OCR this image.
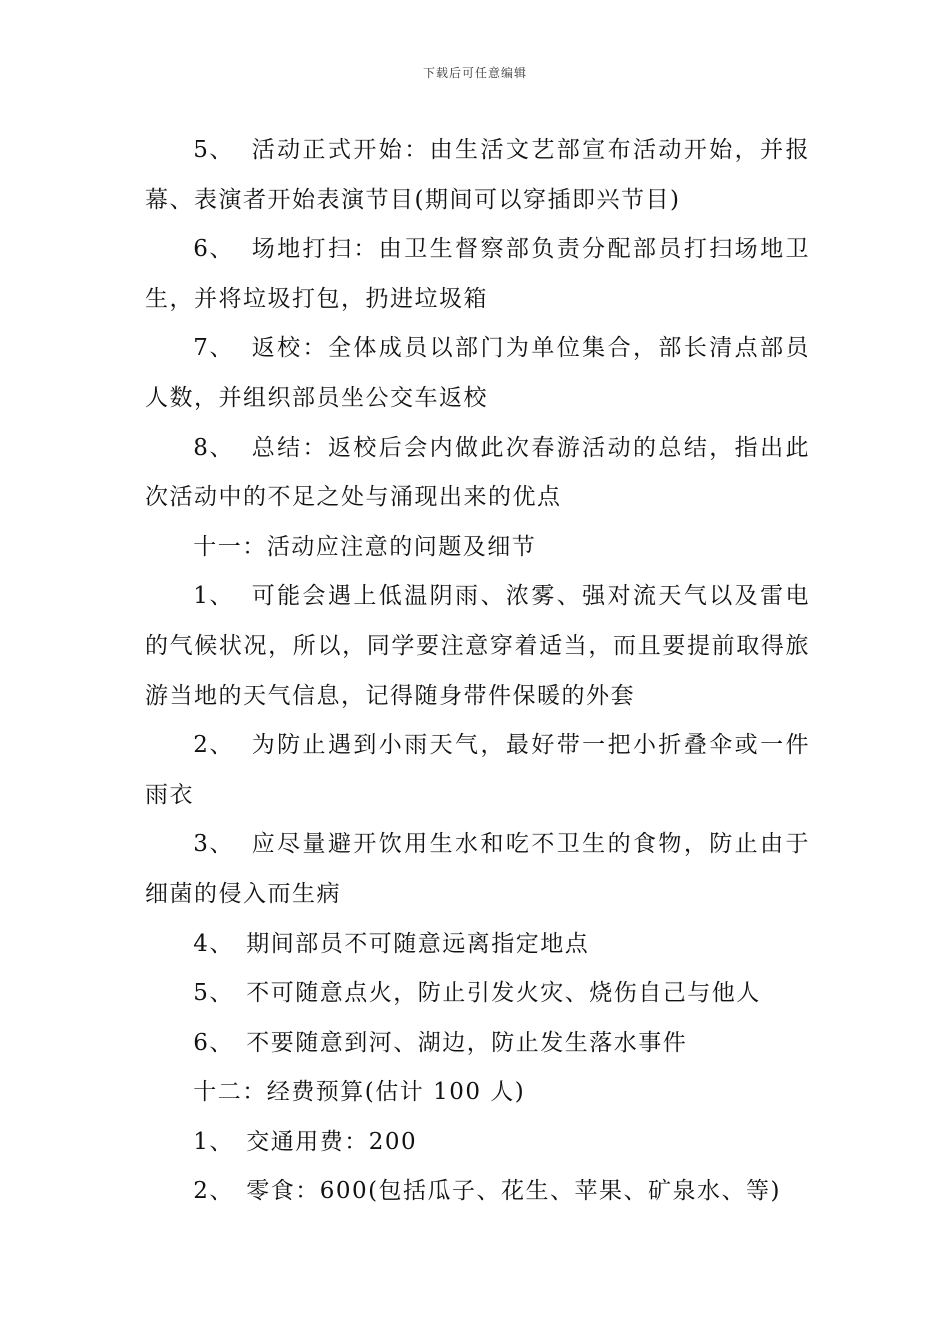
下载后可任意编辑

5、 活动正式开始：由生活文艺部宣布活动开始，并报幕、表演者开始表演节目(期间可以穿插即兴节目)

6、 场地打扫：由卫生督察部负责分配部员打扫场地卫生，并将垃圾打包，扔进垃圾箱

7、 返校：全体成员以部门为单位集合，部长清点部员人数，并组织部员坐公交车返校

8、 总结：返校后会内做此次春游活动的总结，指出此次活动中的不足之处与涌现出来的优点

十一：活动应注意的问题及细节

1、 可能会遇上低温阴雨、浓雾、强对流天气以及雷电的气候状况，所以，同学要注意穿着适当，而且要提前取得旅游当地的天气信息，记得随身带件保暖的外套

2、 为防止遇到小雨天气，最好带一把小折叠伞或一件雨衣

3、 应尽量避开饮用生水和吃不卫生的食物，防止由于细菌的侵入而生病

4、 期间部员不可随意远离指定地点

5、 不可随意点火，防止引发火灾、烧伤自己与他人

6、 不要随意到河、湖边，防止发生落水事件

十二：经费预算(估计 100 人)

1、 交通用费：200

2、 零食：600(包括瓜子、花生、苹果、矿泉水、等)
